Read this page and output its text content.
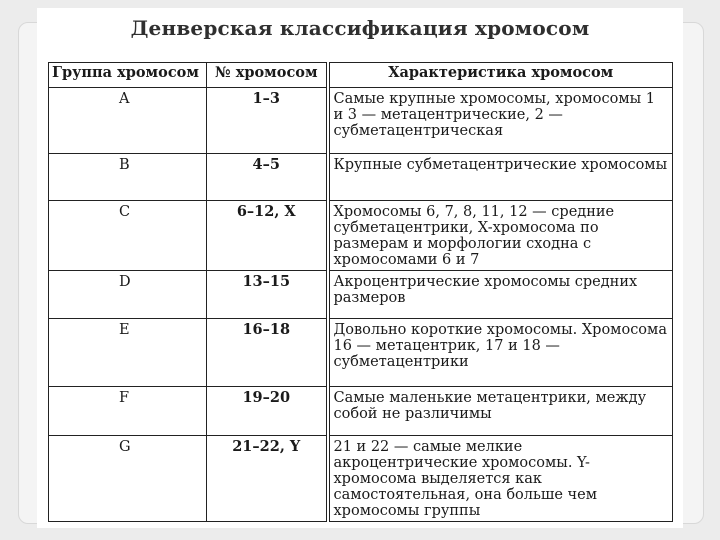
Денверская классификация хромосом
Группа хромосом	№ хромосом	Характеристика хромосом
A	1–3	Самые крупные хромосомы, хромосомы 1 и 3 — метацентрические, 2 — субметацентрическая
B	4–5	Крупные субметацентрические хромосомы
C	6–12, X	Хромосомы 6, 7, 8, 11, 12 — средние субметацентрики, X-хромосома по размерам и морфологии сходна с хромосомами 6 и 7
D	13–15	Акроцентрические хромосомы средних размеров
E	16–18	Довольно короткие хромосомы. Хромосома 16 — метацентрик, 17 и 18 — субметацентрики
F	19–20	Самые маленькие метацентрики, между собой не различимы
G	21–22, Y	21 и 22 — самые мелкие акроцентрические хромосомы. Y-хромосома выделяется как самостоятельная, она больше чем хромосомы группы
